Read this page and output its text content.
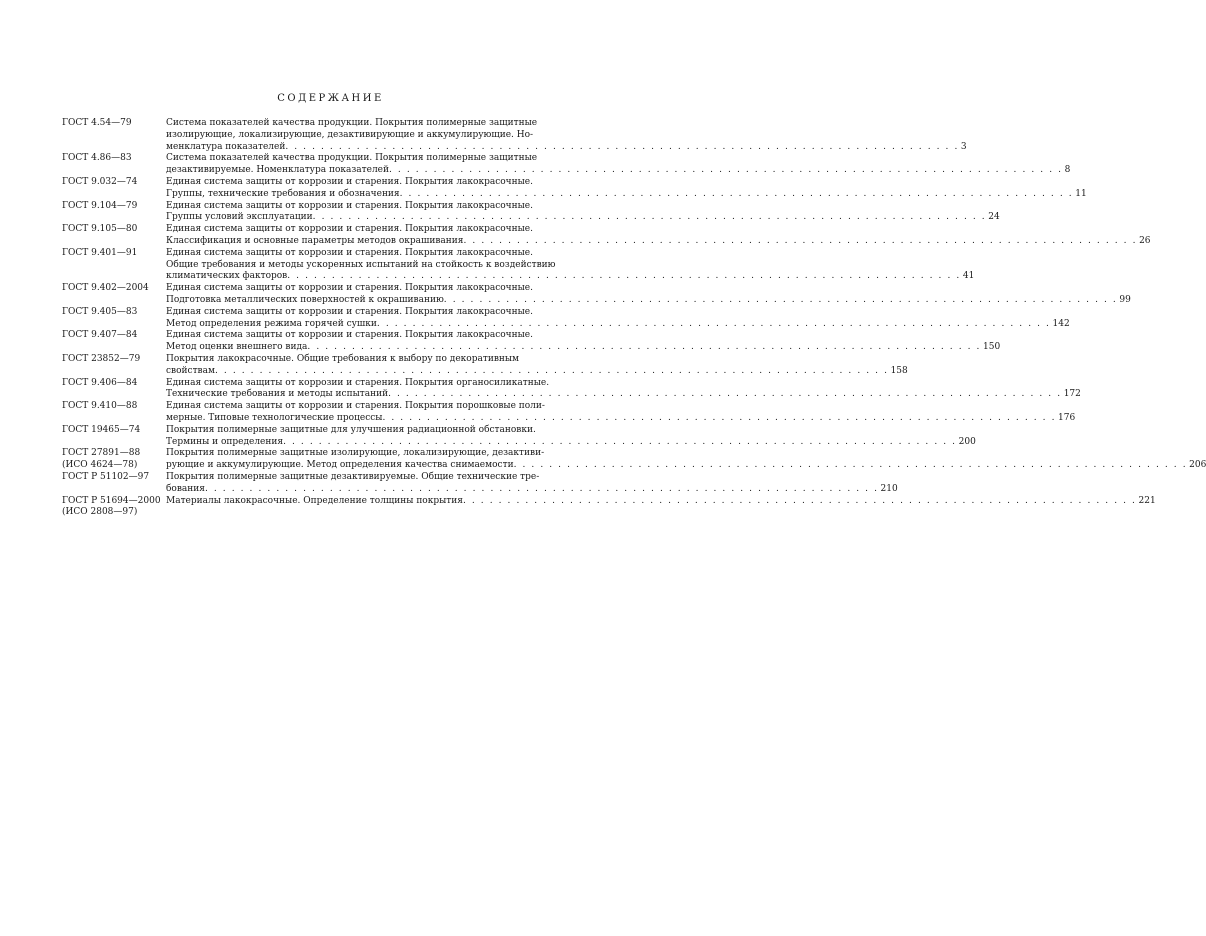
СОДЕРЖАНИЕ
ГОСТ 4.54—79	Система показателей качества продукции. Покрытия полимерные защитные
изолирующие, локализирующие, дезактивирующие и аккумулирующие. Но-
менклатура показателей . . . . . . . . . . . . . . . . . . . . . . . . . . . . . . . . . . . . . . . . . . . . . . . . . . . . . . . . . . . . . . . . . . . . . . . . . . . . 3
ГОСТ 4.86—83	Система показателей качества продукции. Покрытия полимерные защитные
дезактивируемые. Номенклатура показателей . . . . . . . . . . . . . . . . . . . . . . . . . . . . . . . . . . . . . . . . . . . . . . . . . . . . . . . . . . . . . . . . . . . . . . . . . . . . 8
ГОСТ 9.032—74	Единая система защиты от коррозии и старения. Покрытия лакокрасочные.
Группы, технические требования и обозначения . . . . . . . . . . . . . . . . . . . . . . . . . . . . . . . . . . . . . . . . . . . . . . . . . . . . . . . . . . . . . . . . . . . . . . . . . . . . 11
ГОСТ 9.104—79	Единая система защиты от коррозии и старения. Покрытия лакокрасочные.
Группы условий эксплуатации . . . . . . . . . . . . . . . . . . . . . . . . . . . . . . . . . . . . . . . . . . . . . . . . . . . . . . . . . . . . . . . . . . . . . . . . . . . . 24
ГОСТ 9.105—80	Единая система защиты от коррозии и старения. Покрытия лакокрасочные.
Классификация и основные параметры методов окрашивания . . . . . . . . . . . . . . . . . . . . . . . . . . . . . . . . . . . . . . . . . . . . . . . . . . . . . . . . . . . . . . . . . . . . . . . . . . . . 26
ГОСТ 9.401—91	Единая система защиты от коррозии и старения. Покрытия лакокрасочные.
Общие требования и методы ускоренных испытаний на стойкость к воздействию
климатических факторов . . . . . . . . . . . . . . . . . . . . . . . . . . . . . . . . . . . . . . . . . . . . . . . . . . . . . . . . . . . . . . . . . . . . . . . . . . . . 41
ГОСТ 9.402—2004	Единая система защиты от коррозии и старения. Покрытия лакокрасочные.
Подготовка металлических поверхностей к окрашиванию . . . . . . . . . . . . . . . . . . . . . . . . . . . . . . . . . . . . . . . . . . . . . . . . . . . . . . . . . . . . . . . . . . . . . . . . . . . . 99
ГОСТ 9.405—83	Единая система защиты от коррозии и старения. Покрытия лакокрасочные.
Метод определения режима горячей сушки . . . . . . . . . . . . . . . . . . . . . . . . . . . . . . . . . . . . . . . . . . . . . . . . . . . . . . . . . . . . . . . . . . . . . . . . . . . . 142
ГОСТ 9.407—84	Единая система защиты от коррозии и старения. Покрытия лакокрасочные.
Метод оценки внешнего вида . . . . . . . . . . . . . . . . . . . . . . . . . . . . . . . . . . . . . . . . . . . . . . . . . . . . . . . . . . . . . . . . . . . . . . . . . . . . 150
ГОСТ 23852—79	Покрытия лакокрасочные. Общие требования к выбору по декоративным
свойствам . . . . . . . . . . . . . . . . . . . . . . . . . . . . . . . . . . . . . . . . . . . . . . . . . . . . . . . . . . . . . . . . . . . . . . . . . . . . 158
ГОСТ 9.406—84	Единая система защиты от коррозии и старения. Покрытия органосиликатные.
Технические требования и методы испытаний . . . . . . . . . . . . . . . . . . . . . . . . . . . . . . . . . . . . . . . . . . . . . . . . . . . . . . . . . . . . . . . . . . . . . . . . . . . . 172
ГОСТ 9.410—88	Единая система защиты от коррозии и старения. Покрытия порошковые поли-
мерные. Типовые технологические процессы . . . . . . . . . . . . . . . . . . . . . . . . . . . . . . . . . . . . . . . . . . . . . . . . . . . . . . . . . . . . . . . . . . . . . . . . . . . . 176
ГОСТ 19465—74	Покрытия полимерные защитные для улучшения радиационной обстановки.
Термины и определения . . . . . . . . . . . . . . . . . . . . . . . . . . . . . . . . . . . . . . . . . . . . . . . . . . . . . . . . . . . . . . . . . . . . . . . . . . . . 200
ГОСТ 27891—88
(ИСО 4624—78)
Покрытия полимерные защитные изолирующие, локализирующие, дезактиви-
рующие и аккумулирующие. Метод определения качества снимаемости . . . . . . . . . . . . . . . . . . . . . . . . . . . . . . . . . . . . . . . . . . . . . . . . . . . . . . . . . . . . . . . . . . . . . . . . . . . . 206
ГОСТ Р 51102—97	Покрытия полимерные защитные дезактивируемые. Общие технические тре-
бования . . . . . . . . . . . . . . . . . . . . . . . . . . . . . . . . . . . . . . . . . . . . . . . . . . . . . . . . . . . . . . . . . . . . . . . . . . . . 210
ГОСТ Р 51694—2000
(ИСО 2808—97)
Материалы лакокрасочные. Определение толщины покрытия . . . . . . . . . . . . . . . . . . . . . . . . . . . . . . . . . . . . . . . . . . . . . . . . . . . . . . . . . . . . . . . . . . . . . . . . . . . . 221
